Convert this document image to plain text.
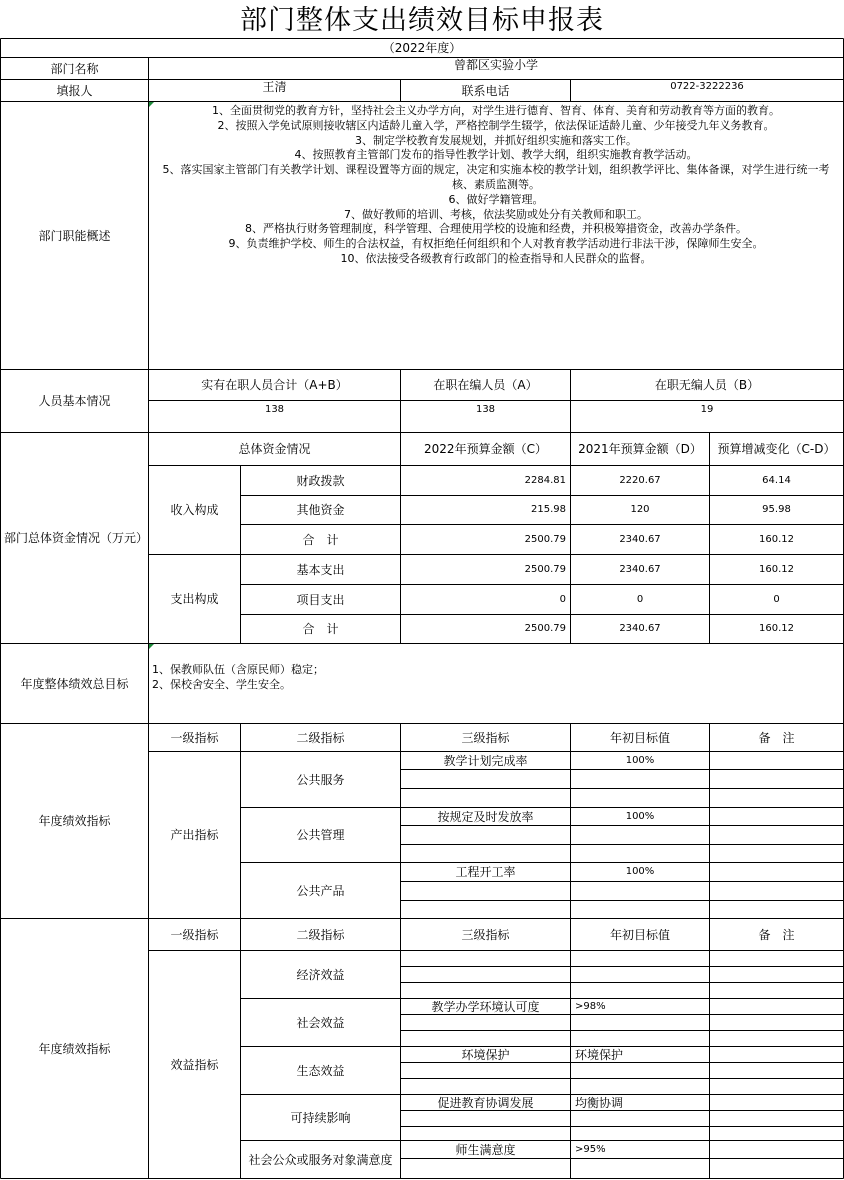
部门整体支出绩效目标申报表
（2022年度）
部门名称	曾都区实验小学
填报人	王清	联系电话	0722-3222236
部门职能概述
1、全面贯彻党的教育方针，坚持社会主义办学方向，对学生进行德育、智育、体育、美育和劳动教育等方面的教育。
2、按照入学免试原则接收辖区内适龄儿童入学，严格控制学生辍学，依法保证适龄儿童、少年接受九年义务教育。
3、制定学校教育发展规划，并抓好组织实施和落实工作。
4、按照教育主管部门发布的指导性教学计划、教学大纲，组织实施教育教学活动。
5、落实国家主管部门有关教学计划、课程设置等方面的规定，决定和实施本校的教学计划，组织教学评比、集体备课，对学生进行统一考核、素质监测等。
6、做好学籍管理。
7、做好教师的培训、考核，依法奖励或处分有关教师和职工。
8、严格执行财务管理制度，科学管理、合理使用学校的设施和经费，并积极筹措资金，改善办学条件。
9、负责维护学校、师生的合法权益，有权拒绝任何组织和个人对教育教学活动进行非法干涉，保障师生安全。
10、依法接受各级教育行政部门的检查指导和人民群众的监督。
人员基本情况
实有在职人员合计（A+B）	在职在编人员（A）	在职无编人员（B）
138	138	19
部门总体资金情况（万元）
总体资金情况	2022年预算金额（C）	2021年预算金额（D）	预算增减变化（C-D）
收入构成
财政拨款	2284.81	2220.67	64.14
其他资金	215.98	120	95.98
合　计	2500.79	2340.67	160.12
支出构成
基本支出	2500.79	2340.67	160.12
项目支出	0	0	0
合　计	2500.79	2340.67	160.12
年度整体绩效总目标
1、保教师队伍（含原民师）稳定；
2、保校舍安全、学生安全。
年度绩效指标
一级指标	二级指标	三级指标	年初目标值	备　注
产出指标
公共服务
教学计划完成率	100%
公共管理
按规定及时发放率	100%
公共产品
工程开工率	100%
年度绩效指标
一级指标	二级指标	三级指标	年初目标值	备　注
效益指标
经济效益
社会效益
教学办学环境认可度	>98%
生态效益
环境保护	环境保护
可持续影响
促进教育协调发展	均衡协调
社会公众或服务对象满意度
师生满意度	>95%
